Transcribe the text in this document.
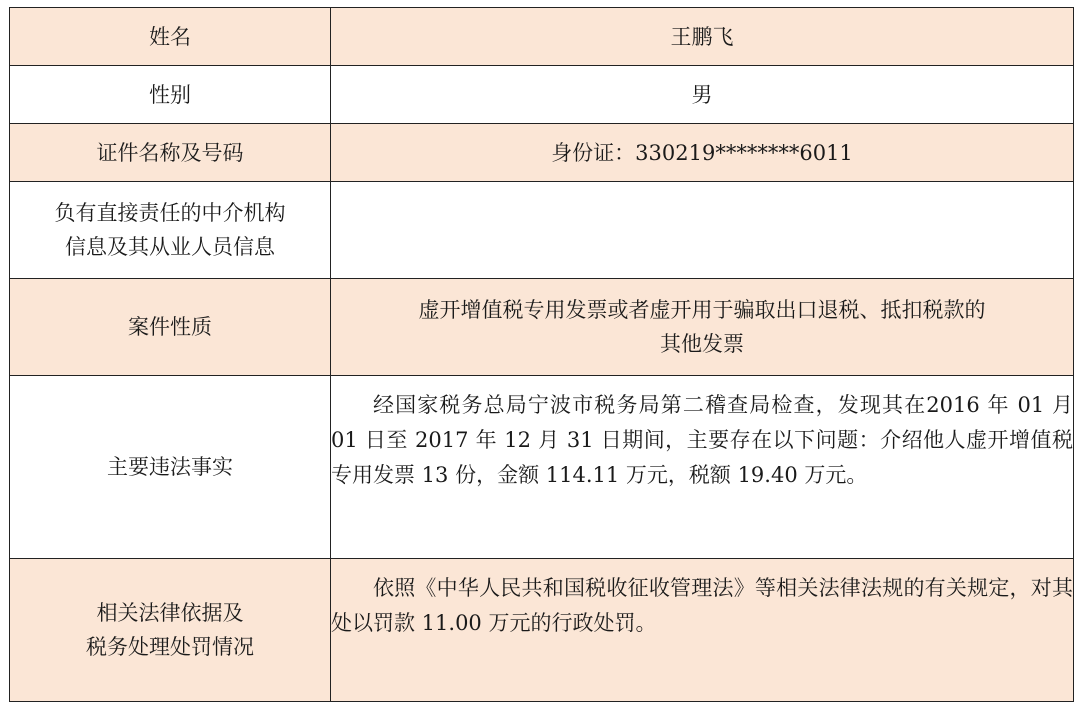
姓名	王鹏飞
性别	男
证件名称及号码	身份证：330219********6011

负有直接责任的中介机构
信息及其从业人员信息	

案件性质	虚开增值税专用发票或者虚开用于骗取出口退税、抵扣税款的
其他发票

主要违法事实	经国家税务总局宁波市税务局第二稽查局检查，发现其在2016 年 01 月 01 日至 2017 年 12 月 31 日期间，主要存在以下问题：介绍他人虚开增值税专用发票 13 份，金额 114.11 万元，税额 19.40 万元。

相关法律依据及
税务处理处罚情况	依照《中华人民共和国税收征收管理法》等相关法律法规的有关规定，对其处以罚款 11.00 万元的行政处罚。
